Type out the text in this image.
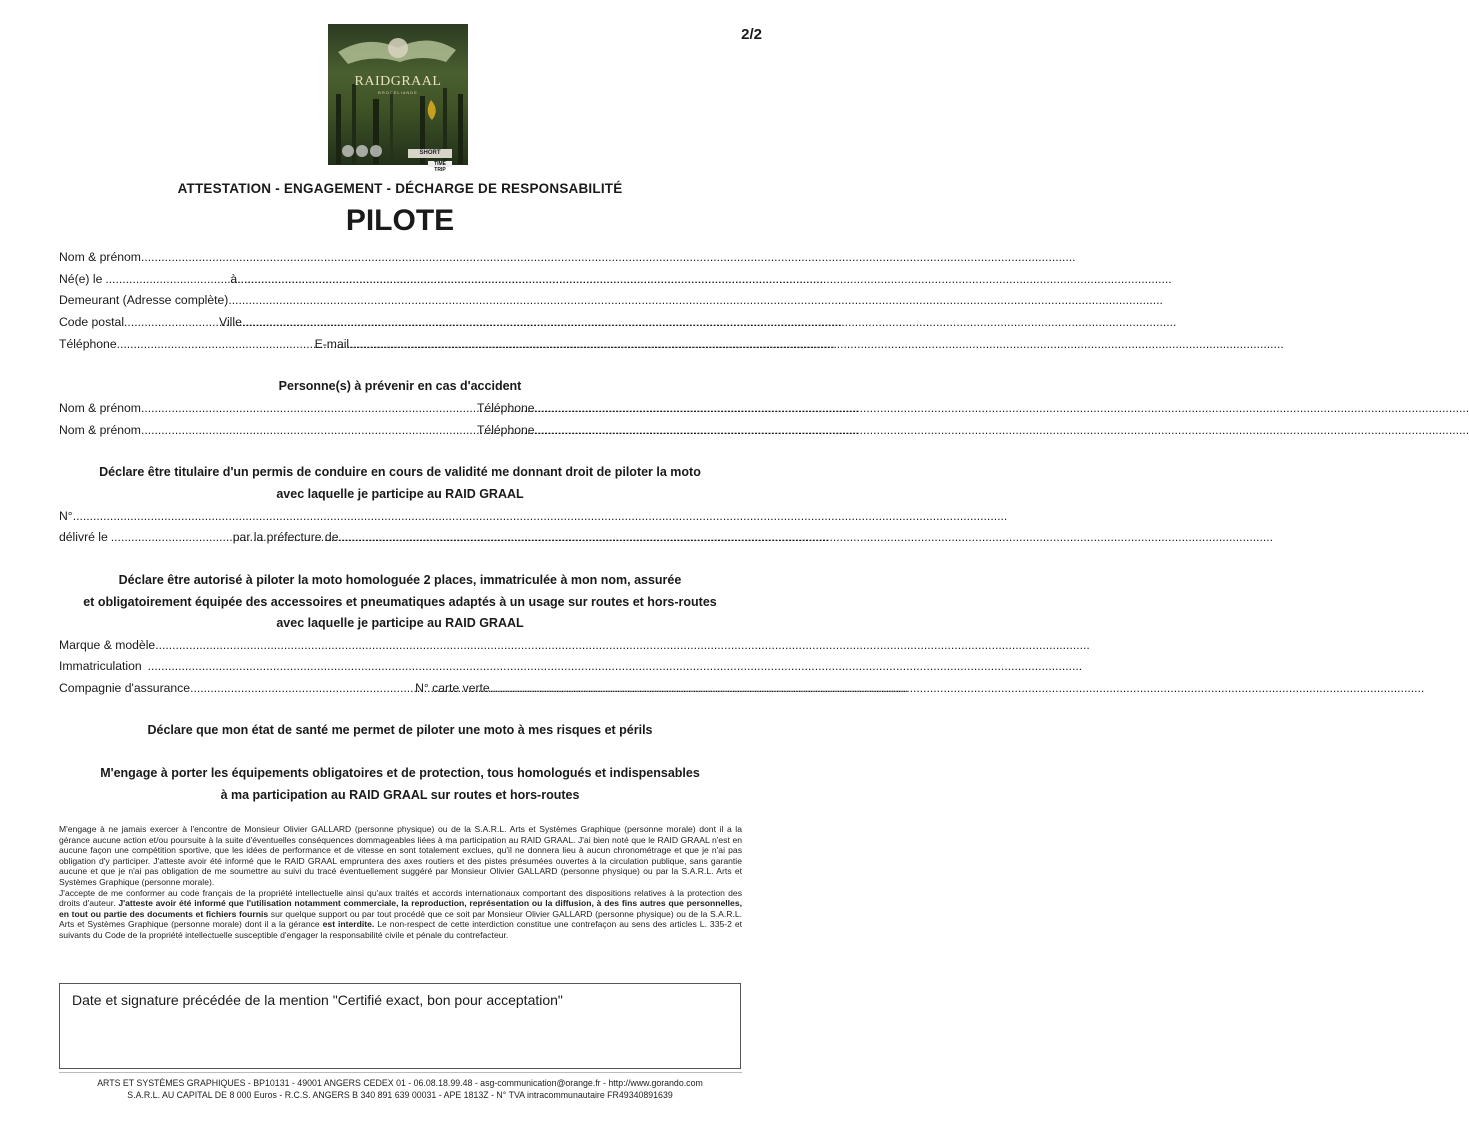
2/2
RAIDGRAAL
BROCELIANDE
SHORT
TIME TRIP
ATTESTATION - ENGAGEMENT - DÉCHARGE DE RESPONSABILITÉ
PILOTE
Nom & prénom
.....
Né(e) le .....	à
.....
Demeurant (Adresse complète)
.....
Code postal .....	Ville
.....
Téléphone .....	E-mail
.....
Personne(s) à prévenir en cas d'accident
Nom & prénom .....	Téléphone
.....
Nom & prénom .....	Téléphone
.....
Déclare être titulaire d'un permis de conduire en cours de validité me donnant droit de piloter la moto
avec laquelle je participe au RAID GRAAL
N°
.....
délivré le .....	par la préfecture de
.....
Déclare être autorisé à piloter la moto homologuée 2 places, immatriculée à mon nom, assurée
et obligatoirement équipée des accessoires et pneumatiques adaptés à un usage sur routes et hors-routes
avec laquelle je participe au RAID GRAAL
Marque & modèle
.....
Immatriculation
.....
Compagnie d'assurance .....	N° carte verte
.....
Déclare que mon état de santé me permet de piloter une moto à mes risques et périls
M'engage à porter les équipements obligatoires et de protection, tous homologués et indispensables
à ma participation au RAID GRAAL sur routes et hors-routes

M'engage à ne jamais exercer à l'encontre de Monsieur Olivier GALLARD (personne physique) ou de la S.A.R.L. Arts et Systèmes Graphique (personne morale) dont il a la gérance aucune action et/ou poursuite à la suite d'éventuelles conséquences dommageables liées à ma participation au RAID GRAAL. J'ai bien noté que le RAID GRAAL n'est en aucune façon une compétition sportive, que les idées de performance et de vitesse en sont totalement exclues, qu'il ne donnera lieu à aucun chronométrage et que je n'ai pas obligation d'y participer. J'atteste avoir été informé que le RAID GRAAL empruntera des axes routiers et des pistes présumées ouvertes à la circulation publique, sans garantie aucune et que je n'ai pas obligation de me soumettre au suivi du tracé éventuellement suggéré par Monsieur Olivier GALLARD (personne physique) ou par la S.A.R.L. Arts et Systèmes Graphique (personne morale).

J'accepte de me conformer au code français de la propriété intellectuelle ainsi qu'aux traités et accords internationaux comportant des dispositions relatives à la protection des droits d'auteur. J'atteste avoir été informé que l'utilisation notamment commerciale, la reproduction, représentation ou la diffusion, à des fins autres que personnelles, en tout ou partie des documents et fichiers fournis sur quelque support ou par tout procédé que ce soit par Monsieur Olivier GALLARD (personne physique) ou de la S.A.R.L. Arts et Systèmes Graphique (personne morale) dont il a la gérance est interdite. Le non-respect de cette interdiction constitue une contrefaçon au sens des articles L. 335-2 et suivants du Code de la propriété intellectuelle susceptible d'engager la responsabilité civile et pénale du contrefacteur.

Date et signature précédée de la mention "Certifié exact, bon pour acceptation"
ARTS ET SYSTÈMES GRAPHIQUES - BP10131 - 49001 ANGERS CEDEX 01 - 06.08.18.99.48 - asg-communication@orange.fr - http://www.gorando.com
S.A.R.L. AU CAPITAL DE 8 000 Euros - R.C.S. ANGERS B 340 891 639 00031 - APE 1813Z - N° TVA intracommunautaire FR49340891639
